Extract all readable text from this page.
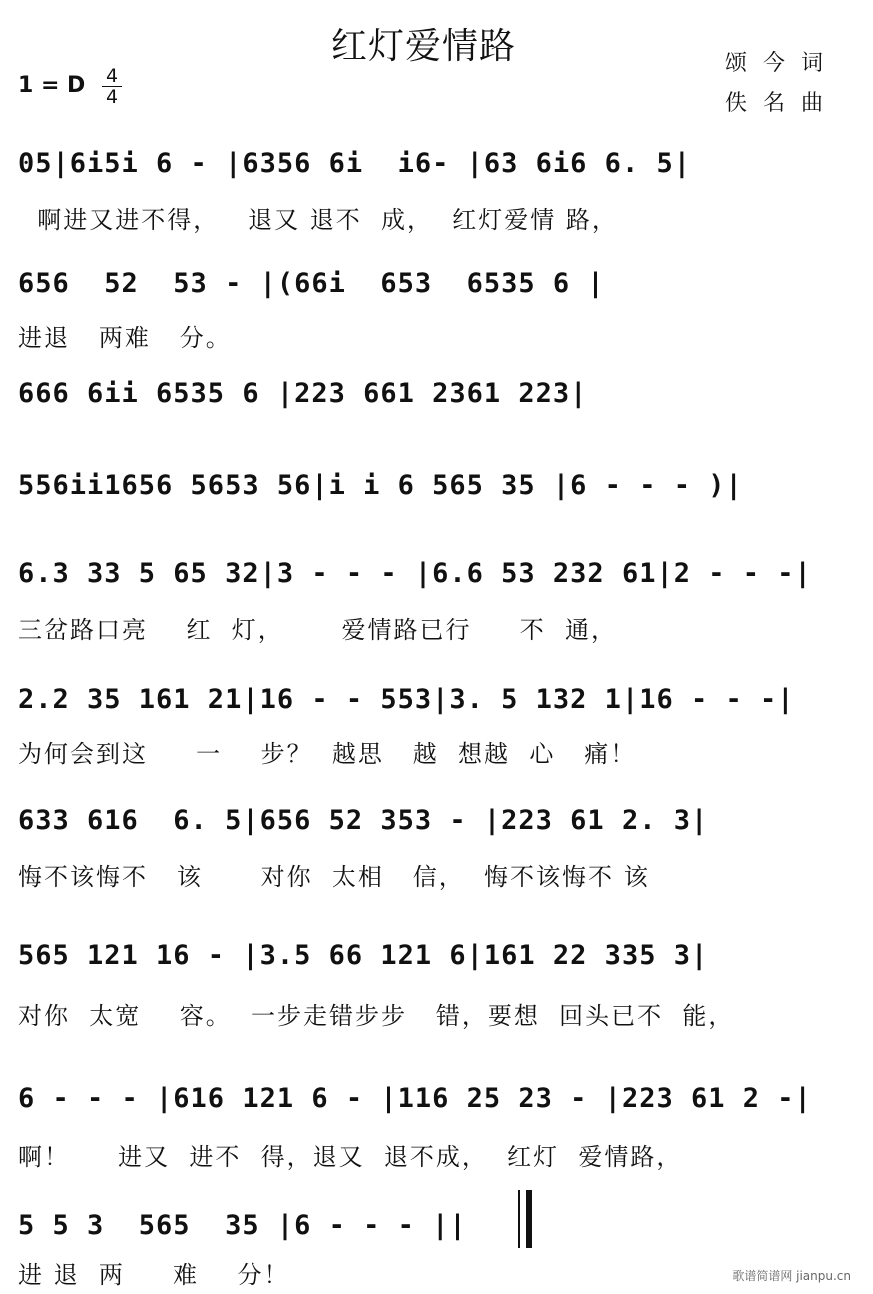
红灯爱情路	颂今词
佚名曲
1 = D	4
4
05|6i5i 6 - |6356 6i  i6- |63 6i6 6. 5|
啊进又进不得，   退又 退不  成，  红灯爱情 路，
656  52  53 - |(66i  653  6535 6 |
进退   两难   分。
666 6ii 6535 6 |223 661 2361 223|
556ii1656 5653 56|i i 6 565 35 |6 - - - )|
6.3 33 5 65 32|3 - - - |6.6 53 232 61|2 - - -|
三岔路口亮    红  灯，      爱情路已行     不  通，
2.2 35 161 21|16 - - 553|3. 5 132 1|16 - - -|
为何会到这     一    步？  越思   越  想越  心   痛！
633 616  6. 5|656 52 353 - |223 61 2. 3|
悔不该悔不   该      对你  太相   信，  悔不该悔不 该
565 121 16 - |3.5 66 121 6|161 22 335 3|
对你  太宽    容。  一步走错步步   错，要想  回头已不  能，
6 - - - |616 121 6 - |116 25 23 - |223 61 2 -|
啊！     进又  进不  得，退又  退不成，  红灯  爱情路，
5 5 3  565  35 |6 - - - ||
进 退  两     难    分！	歌谱简谱网 jianpu.cn
